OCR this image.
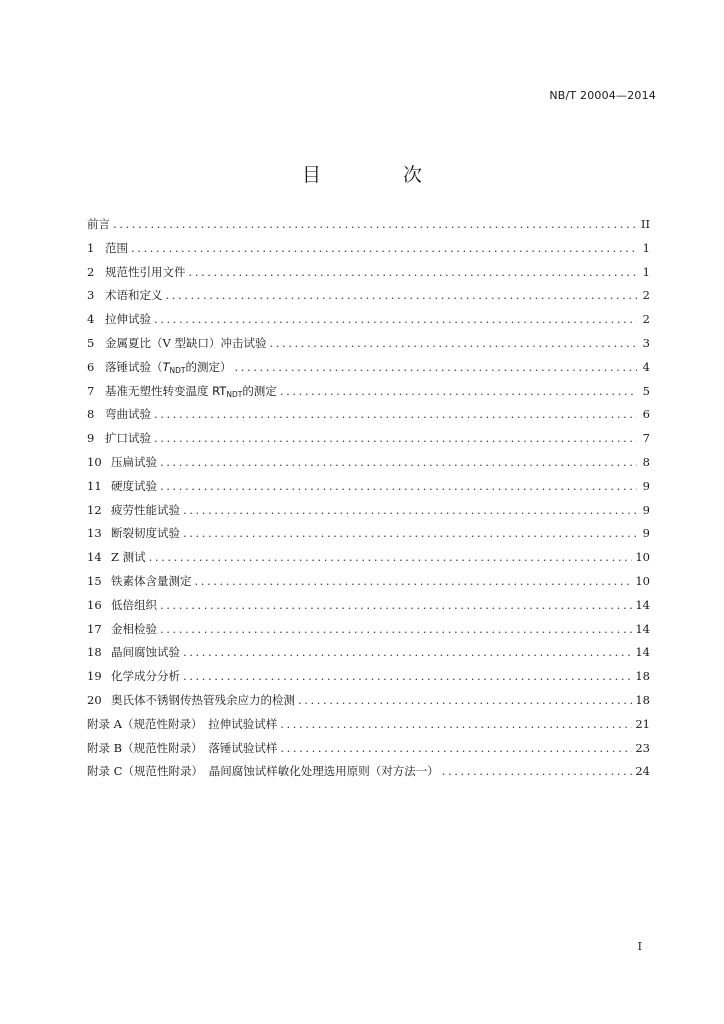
NB/T 20004—2014
目 次
前言 .....	II
1 范围 .....	1
2 规范性引用文件 .....	1
3 术语和定义 .....	2
4 拉伸试验 .....	2
5 金属夏比（V 型缺口）冲击试验 .....	3
6 落锤试验（$T_{NDT}$的测定） .....	4
7 基准无塑性转变温度 $RT_{NDT}$的测定 .....	5
8 弯曲试验 .....	6
9 扩口试验 .....	7
10 压扁试验 .....	8
11 硬度试验 .....	9
12 疲劳性能试验 .....	9
13 断裂韧度试验 .....	9
14 Z 测试 .....	10
15 铁素体含量测定 .....	10
16 低倍组织 .....	14
17 金相检验 .....	14
18 晶间腐蚀试验 .....	14
19 化学成分分析 .....	18
20 奥氏体不锈钢传热管残余应力的检测 .....	18
附录 A（规范性附录）　拉伸试验试样 .....	21
附录 B（规范性附录）　落锤试验试样 .....	23
附录 C（规范性附录）　晶间腐蚀试样敏化处理选用原则（对方法一） .....	24
I
